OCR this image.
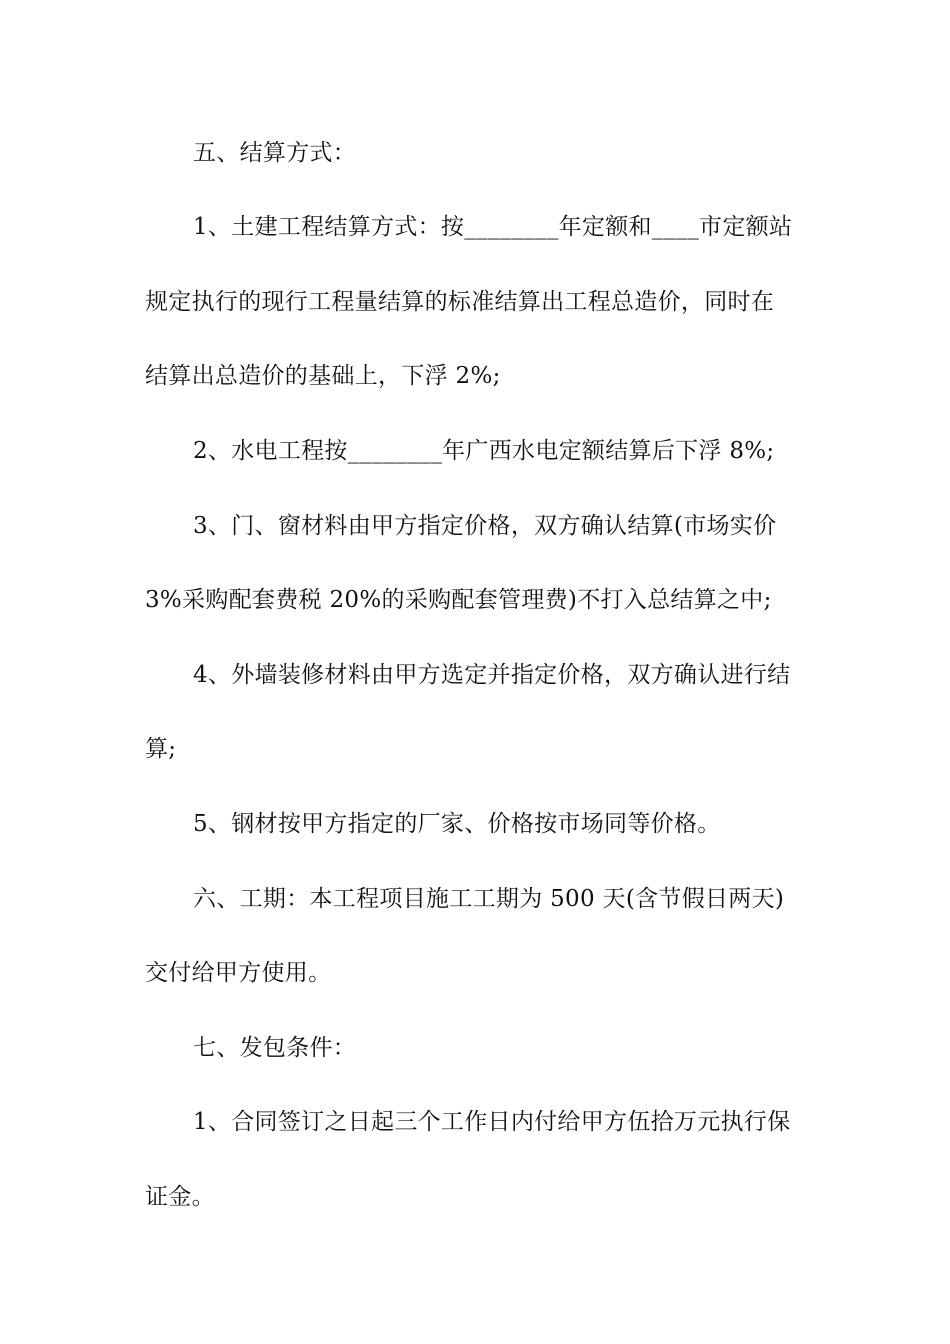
五、结算方式：
1、土建工程结算方式：按________年定额和____市定额站
规定执行的现行工程量结算的标准结算出工程总造价，同时在
结算出总造价的基础上，下浮 2%;
2、水电工程按________年广西水电定额结算后下浮 8%;
3、门、窗材料由甲方指定价格，双方确认结算(市场实价
3%采购配套费税 20%的采购配套管理费)不打入总结算之中;
4、外墙装修材料由甲方选定并指定价格，双方确认进行结
算;
5、钢材按甲方指定的厂家、价格按市场同等价格。
六、工期：本工程项目施工工期为 500 天(含节假日两天)
交付给甲方使用。
七、发包条件：
1、合同签订之日起三个工作日内付给甲方伍拾万元执行保
证金。
